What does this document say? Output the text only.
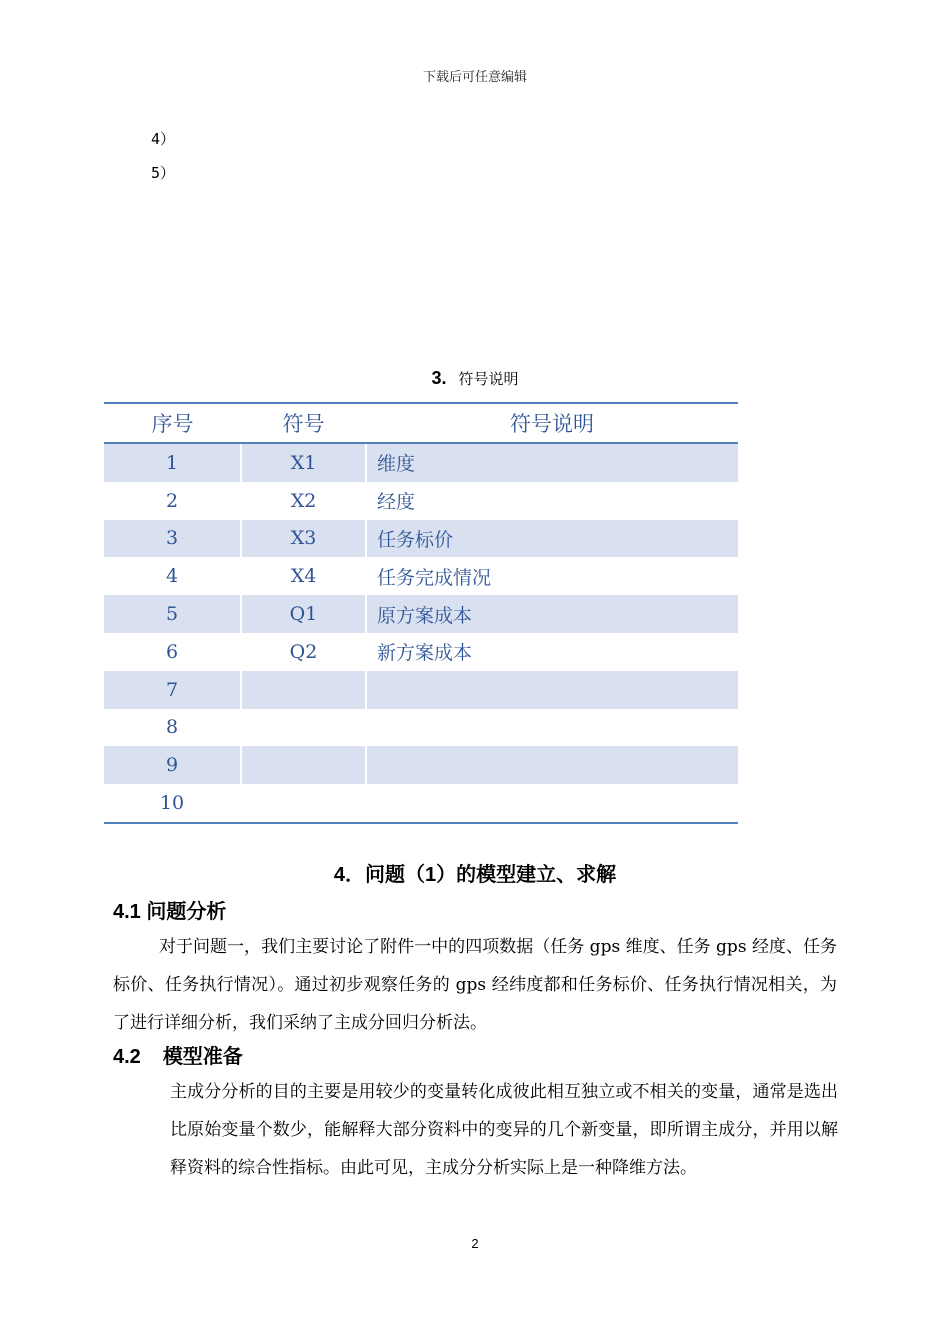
下载后可任意编辑
4）
5）
3. 符号说明
序号	符号	符号说明
1	X1	维度
2	X2	经度
3	X3	任务标价
4	X4	任务完成情况
5	Q1	原方案成本
6	Q2	新方案成本
7		
8		
9		
10		
4．问题（1）的模型建立、求解
4.1 问题分析
对于问题一，我们主要讨论了附件一中的四项数据（任务 gps 维度、任务 gps 经度、任务标价、任务执行情况）。通过初步观察任务的 gps 经纬度都和任务标价、任务执行情况相关，为了进行详细分析，我们采纳了主成分回归分析法。
4.2 模型准备
主成分分析的目的主要是用较少的变量转化成彼此相互独立或不相关的变量，通常是选出比原始变量个数少，能解释大部分资料中的变异的几个新变量，即所谓主成分，并用以解释资料的综合性指标。由此可见，主成分分析实际上是一种降维方法。
2
